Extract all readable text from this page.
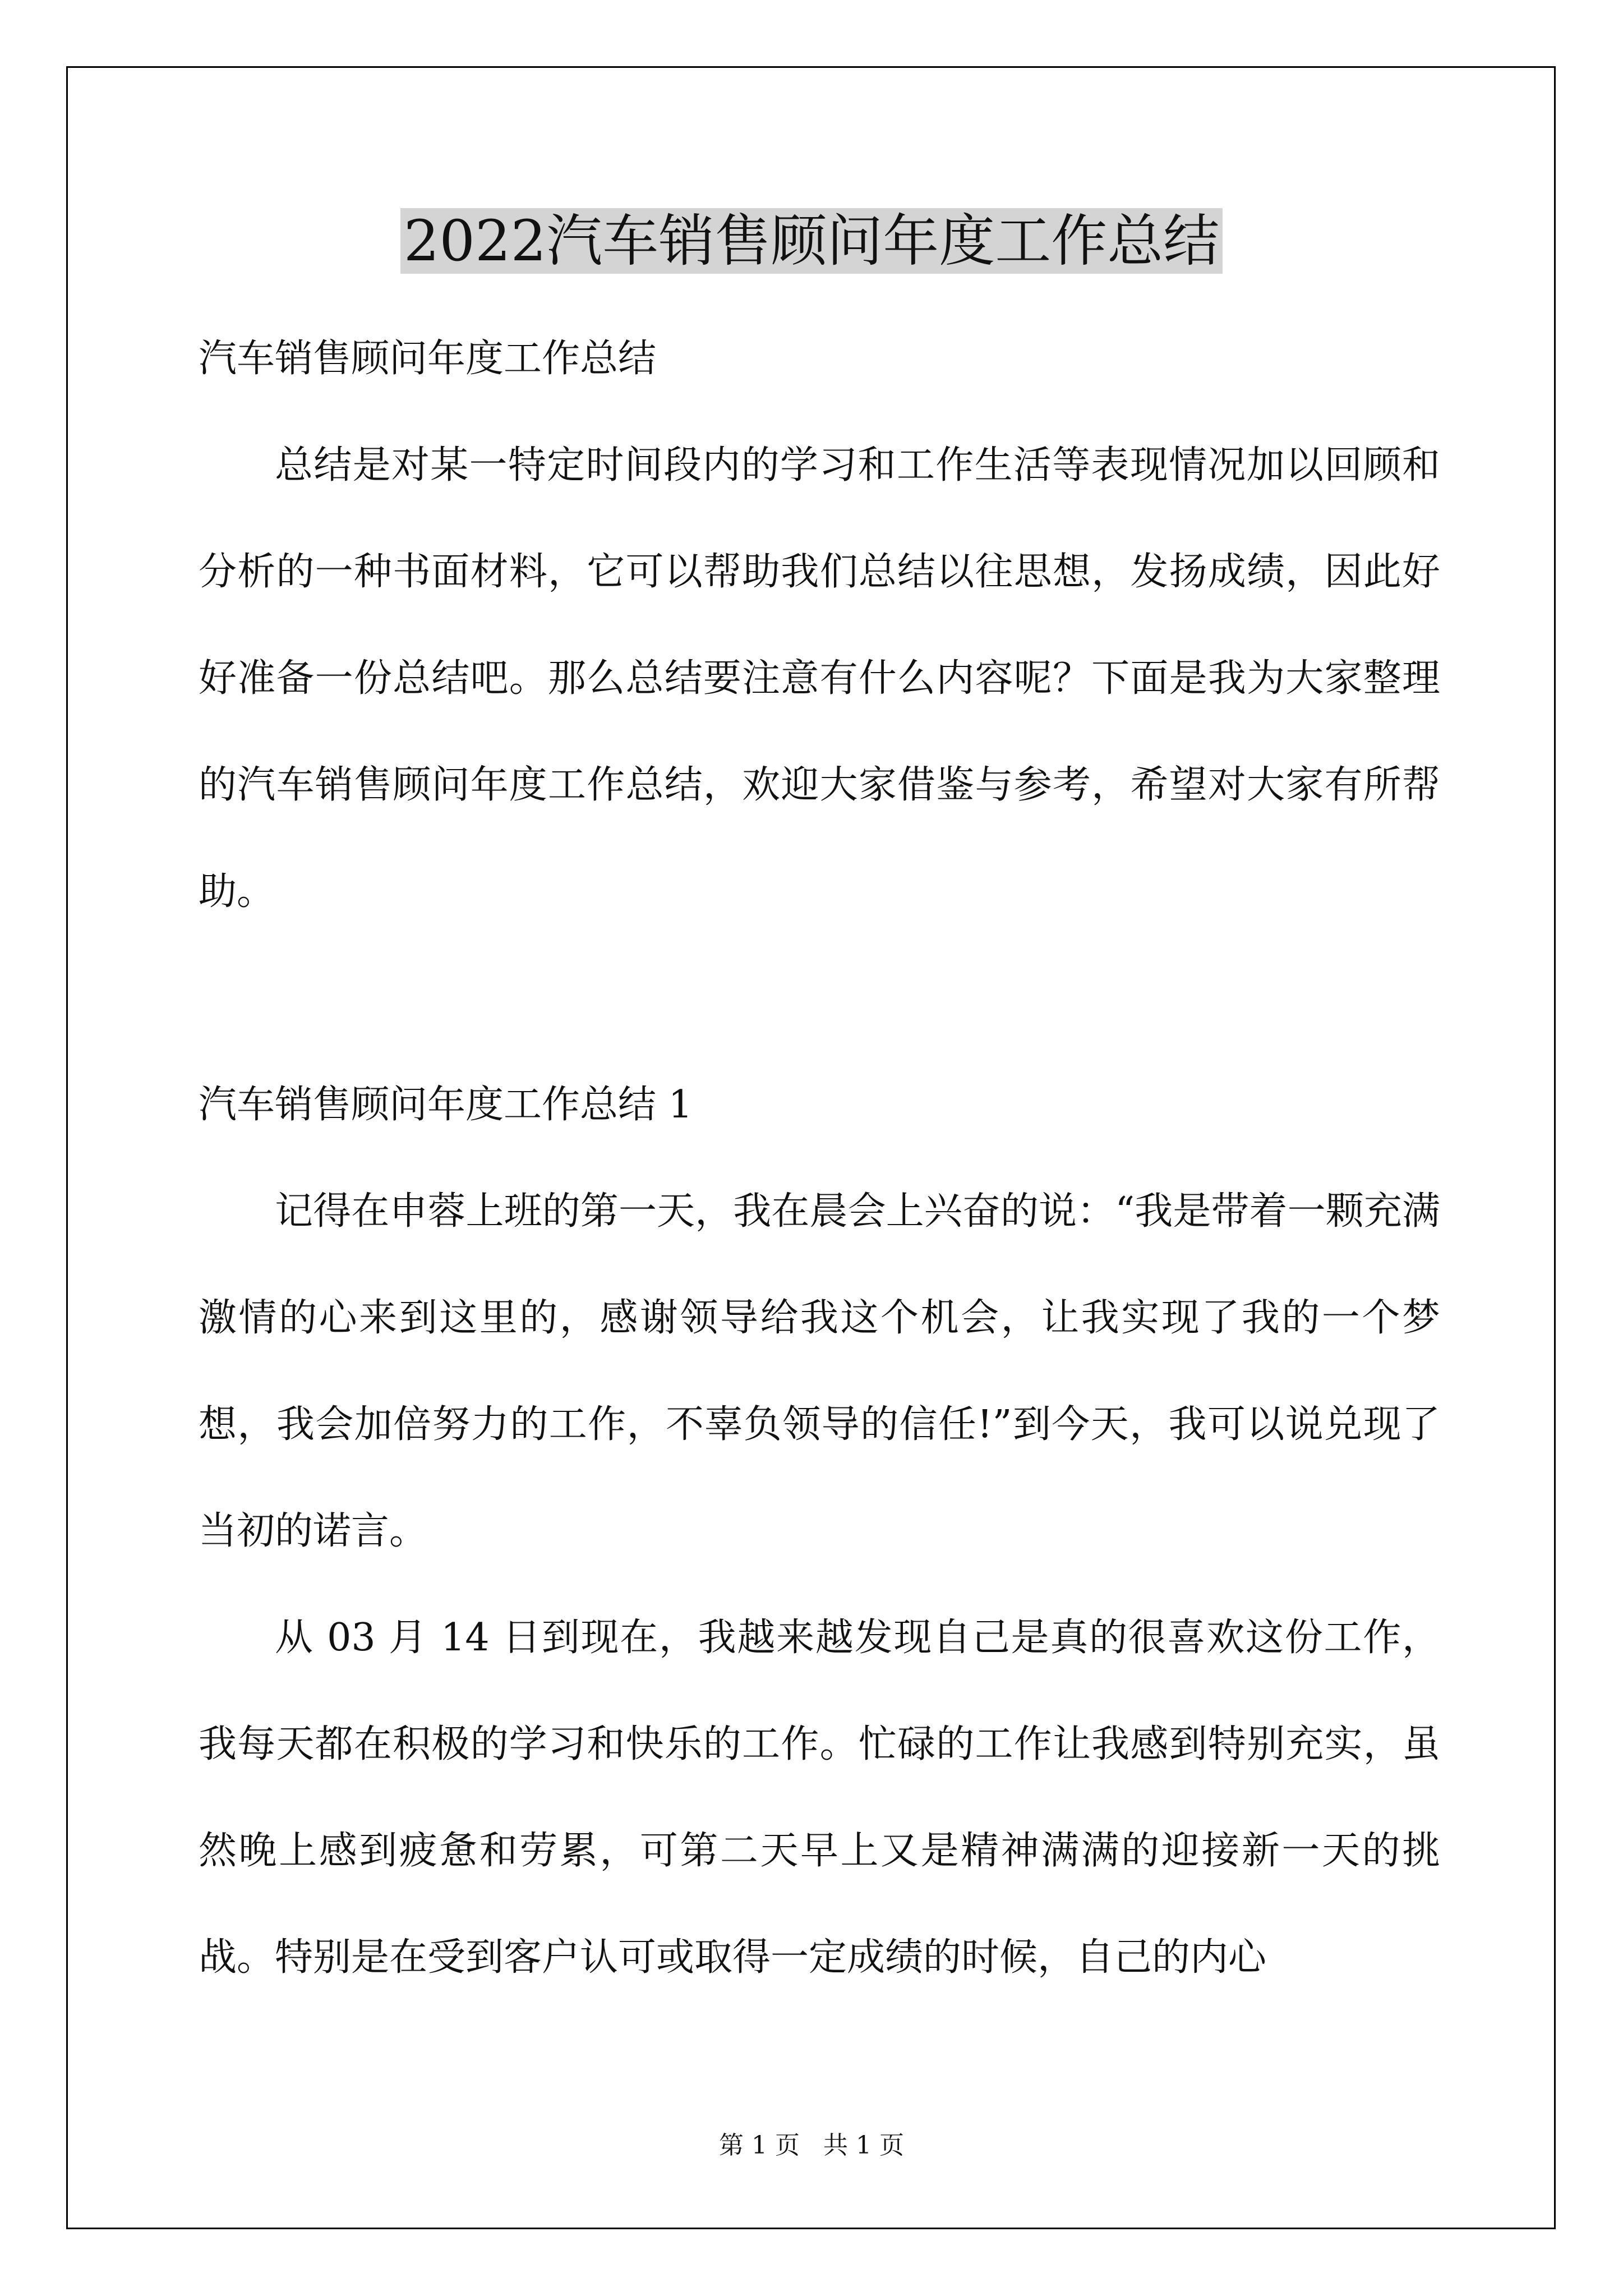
2022汽车销售顾问年度工作总结

汽车销售顾问年度工作总结

总结是对某一特定时间段内的学习和工作生活等表现情况加以回顾和分析的一种书面材料，它可以帮助我们总结以往思想，发扬成绩，因此好好准备一份总结吧。那么总结要注意有什么内容呢？下面是我为大家整理的汽车销售顾问年度工作总结，欢迎大家借鉴与参考，希望对大家有所帮助。

汽车销售顾问年度工作总结 1

记得在申蓉上班的第一天，我在晨会上兴奋的说：“我是带着一颗充满激情的心来到这里的，感谢领导给我这个机会，让我实现了我的一个梦想，我会加倍努力的工作，不辜负领导的信任!”到今天，我可以说兑现了当初的诺言。

从 03 月 14 日到现在，我越来越发现自己是真的很喜欢这份工作，我每天都在积极的学习和快乐的工作。忙碌的工作让我感到特别充实，虽然晚上感到疲惫和劳累，可第二天早上又是精神满满的迎接新一天的挑战。特别是在受到客户认可或取得一定成绩的时候，自己的内心

第 1 页   共 1 页
